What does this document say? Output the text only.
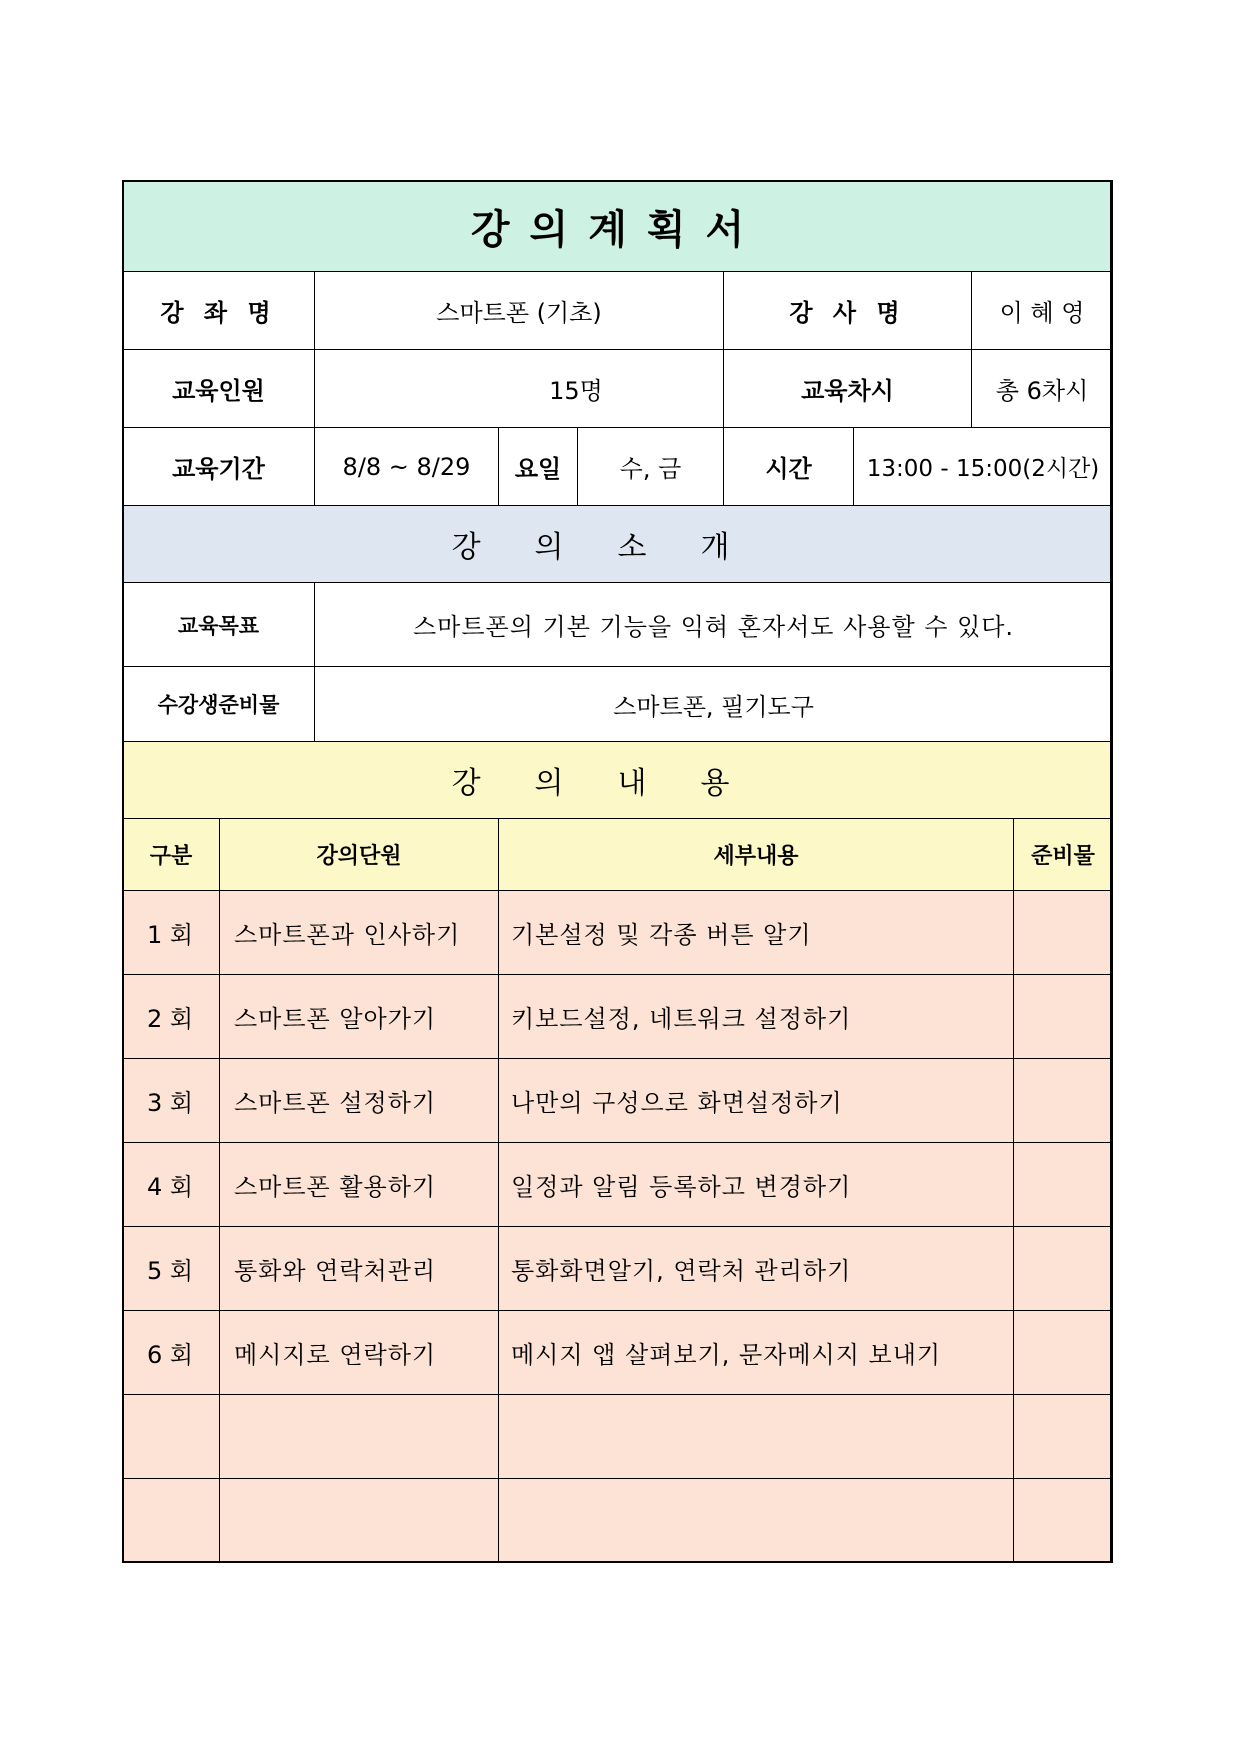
강의계획서								
강 좌 명		스마트폰 (기초)			강 사 명		이 혜 영	
교육인원		15명			교육차시		총 6차시	
교육기간		8/8 ~ 8/29	요일	수, 금	시간	13:00 - 15:00(2시간)		
강의소개								
교육목표		스마트폰의 기본 기능을 익혀 혼자서도 사용할 수 있다.						
수강생준비물		스마트폰, 필기도구						
강의내용								
구분	강의단원		세부내용					준비물
1 회	스마트폰과 인사하기		기본설정 및 각종 버튼 알기					
2 회	스마트폰 알아가기		키보드설정, 네트워크 설정하기					
3 회	스마트폰 설정하기		나만의 구성으로 화면설정하기					
4 회	스마트폰 활용하기		일정과 알림 등록하고 변경하기					
5 회	통화와 연락처관리		통화화면알기, 연락처 관리하기					
6 회	메시지로 연락하기		메시지 앱 살펴보기, 문자메시지 보내기					
